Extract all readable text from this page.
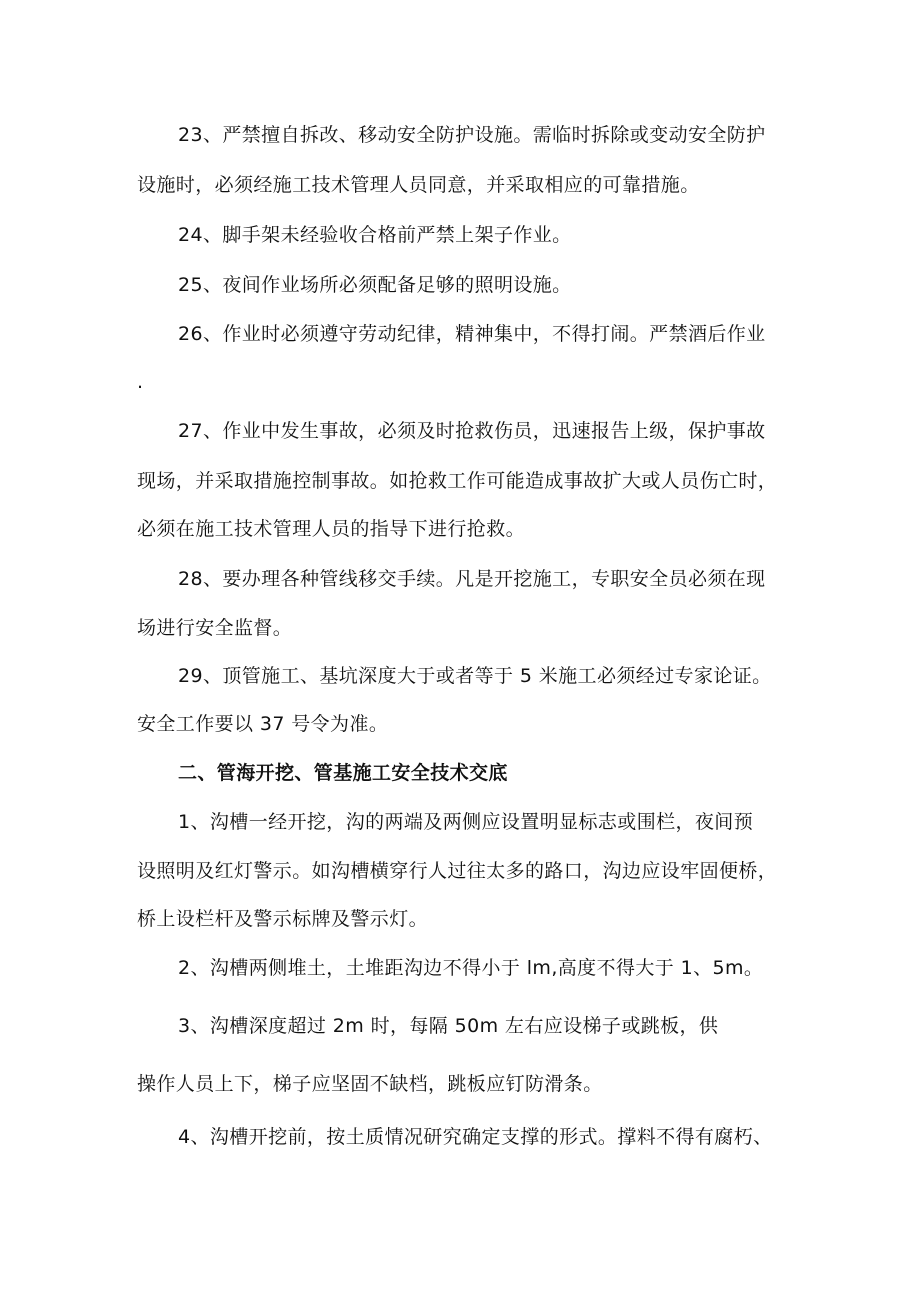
23、严禁擅自拆改、移动安全防护设施。需临时拆除或变动安全防护

设施时，必须经施工技术管理人员同意，并采取相应的可靠措施。

24、脚手架未经验收合格前严禁上架子作业。

25、夜间作业场所必须配备足够的照明设施。

26、作业时必须遵守劳动纪律，精神集中，不得打闹。严禁酒后作业

.

27、作业中发生事故，必须及时抢救伤员，迅速报告上级，保护事故

现场，并采取措施控制事故。如抢救工作可能造成事故扩大或人员伤亡时，

必须在施工技术管理人员的指导下进行抢救。

28、要办理各种管线移交手续。凡是开挖施工，专职安全员必须在现

场进行安全监督。

29、顶管施工、基坑深度大于或者等于 5 米施工必须经过专家论证。

安全工作要以 37 号令为准。

二、管海开挖、管基施工安全技术交底

1、沟槽一经开挖，沟的两端及两侧应设置明显标志或围栏，夜间预

设照明及红灯警示。如沟槽横穿行人过往太多的路口，沟边应设牢固便桥，

桥上设栏杆及警示标牌及警示灯。

2、沟槽两侧堆土，土堆距沟边不得小于 lm,高度不得大于 1、5m。

3、沟槽深度超过 2m 时，每隔 50m 左右应设梯子或跳板，供

操作人员上下，梯子应坚固不缺档，跳板应钉防滑条。

4、沟槽开挖前，按土质情况研究确定支撑的形式。撑料不得有腐朽、
